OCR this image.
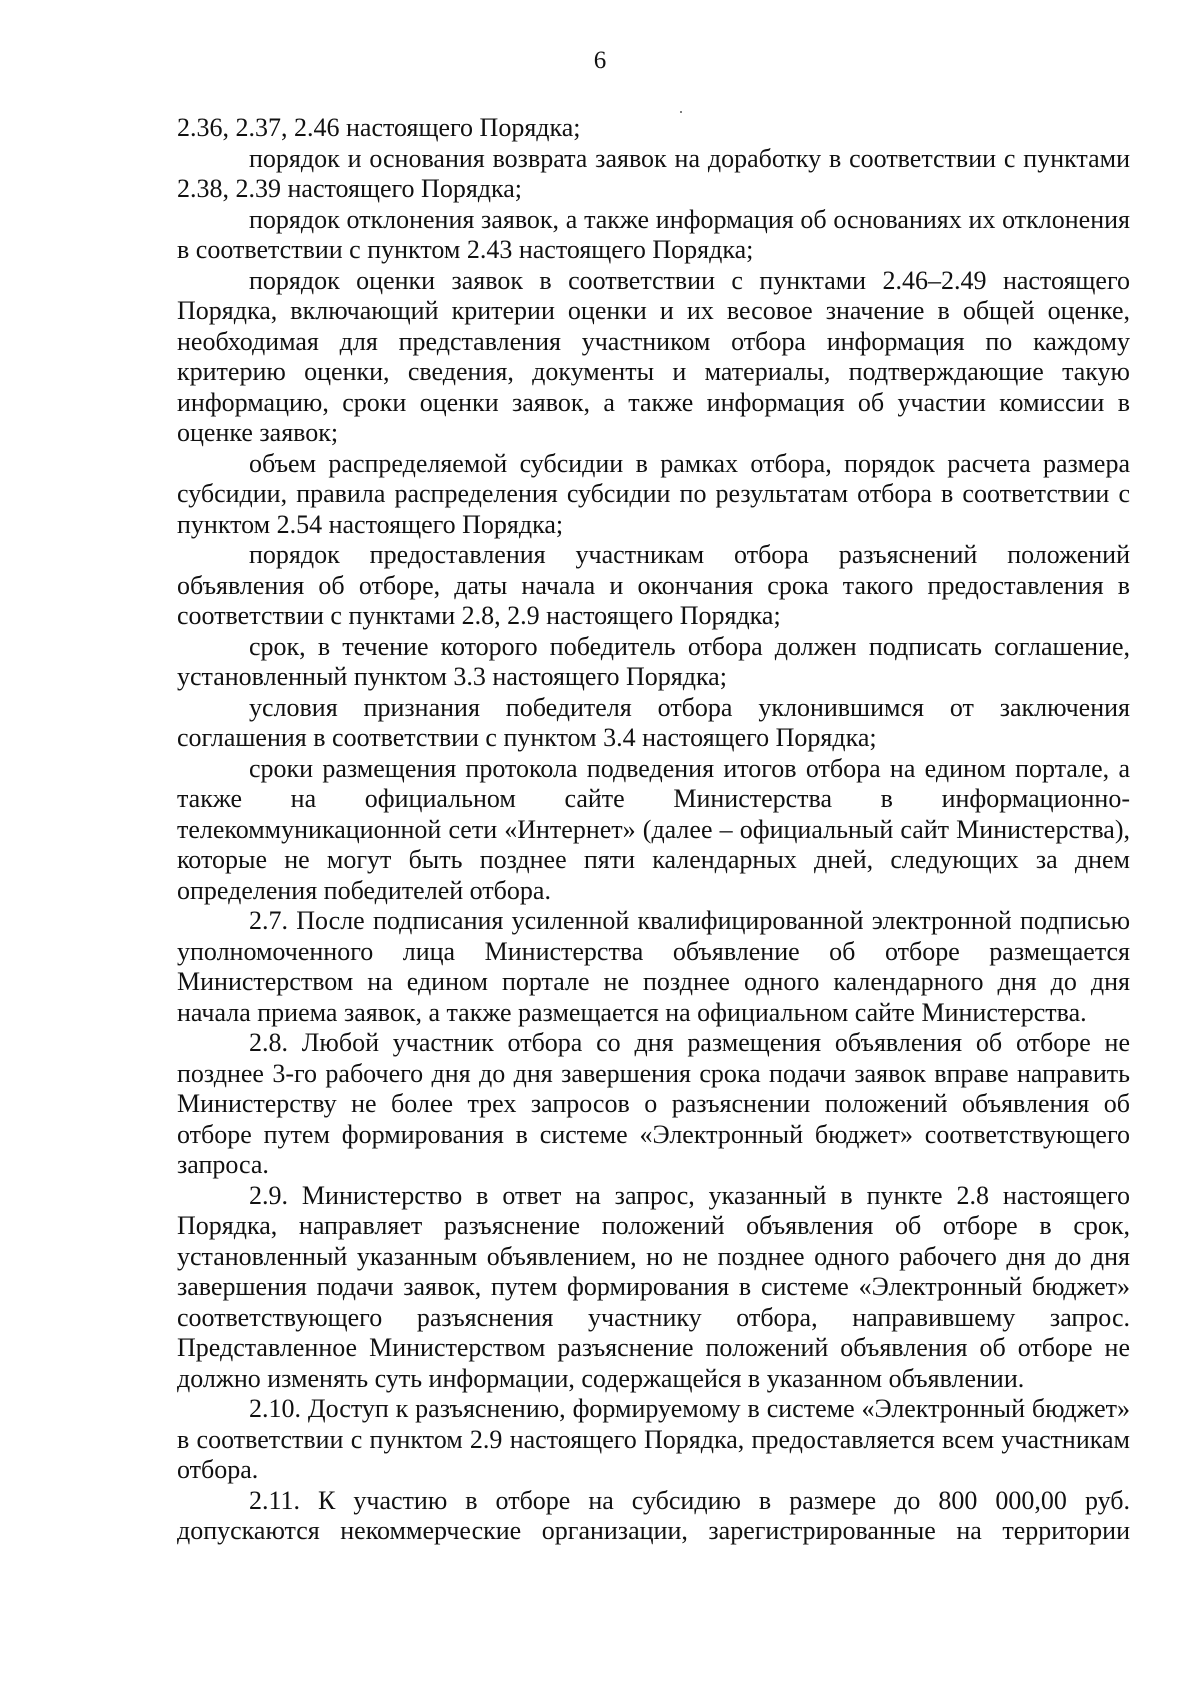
6

2.36, 2.37, 2.46 настоящего Порядка;

порядок и основания возврата заявок на доработку в соответствии с пунктами 2.38, 2.39 настоящего Порядка;

порядок отклонения заявок, а также информация об основаниях их отклонения в соответствии с пунктом 2.43 настоящего Порядка;

порядок оценки заявок в соответствии с пунктами 2.46–2.49 настоящего Порядка, включающий критерии оценки и их весовое значение в общей оценке, необходимая для представления участником отбора информация по каждому критерию оценки, сведения, документы и материалы, подтверждающие такую информацию, сроки оценки заявок, а также информация об участии комиссии в оценке заявок;

объем распределяемой субсидии в рамках отбора, порядок расчета размера субсидии, правила распределения субсидии по результатам отбора в соответствии с пунктом 2.54 настоящего Порядка;

порядок предоставления участникам отбора разъяснений положений объявления об отборе, даты начала и окончания срока такого предоставления в соответствии с пунктами 2.8, 2.9 настоящего Порядка;

срок, в течение которого победитель отбора должен подписать соглашение, установленный пунктом 3.3 настоящего Порядка;

условия признания победителя отбора уклонившимся от заключения соглашения в соответствии с пунктом 3.4 настоящего Порядка;

сроки размещения протокола подведения итогов отбора на едином портале, а также на официальном сайте Министерства в информационно-телекоммуникационной сети «Интернет» (далее – официальный сайт Министерства), которые не могут быть позднее пяти календарных дней, следующих за днем определения победителей отбора.

2.7. После подписания усиленной квалифицированной электронной подписью уполномоченного лица Министерства объявление об отборе размещается Министерством на едином портале не позднее одного календарного дня до дня начала приема заявок, а также размещается на официальном сайте Министерства.

2.8. Любой участник отбора со дня размещения объявления об отборе не позднее 3-го рабочего дня до дня завершения срока подачи заявок вправе направить Министерству не более трех запросов о разъяснении положений объявления об отборе путем формирования в системе «Электронный бюджет» соответствующего запроса.

2.9. Министерство в ответ на запрос, указанный в пункте 2.8 настоящего Порядка, направляет разъяснение положений объявления об отборе в срок, установленный указанным объявлением, но не позднее одного рабочего дня до дня завершения подачи заявок, путем формирования в системе «Электронный бюджет» соответствующего разъяснения участнику отбора, направившему запрос. Представленное Министерством разъяснение положений объявления об отборе не должно изменять суть информации, содержащейся в указанном объявлении.

2.10. Доступ к разъяснению, формируемому в системе «Электронный бюджет» в соответствии с пунктом 2.9 настоящего Порядка, предоставляется всем участникам отбора.

2.11. К участию в отборе на субсидию в размере до 800 000,00 руб. допускаются некоммерческие организации, зарегистрированные на территории
